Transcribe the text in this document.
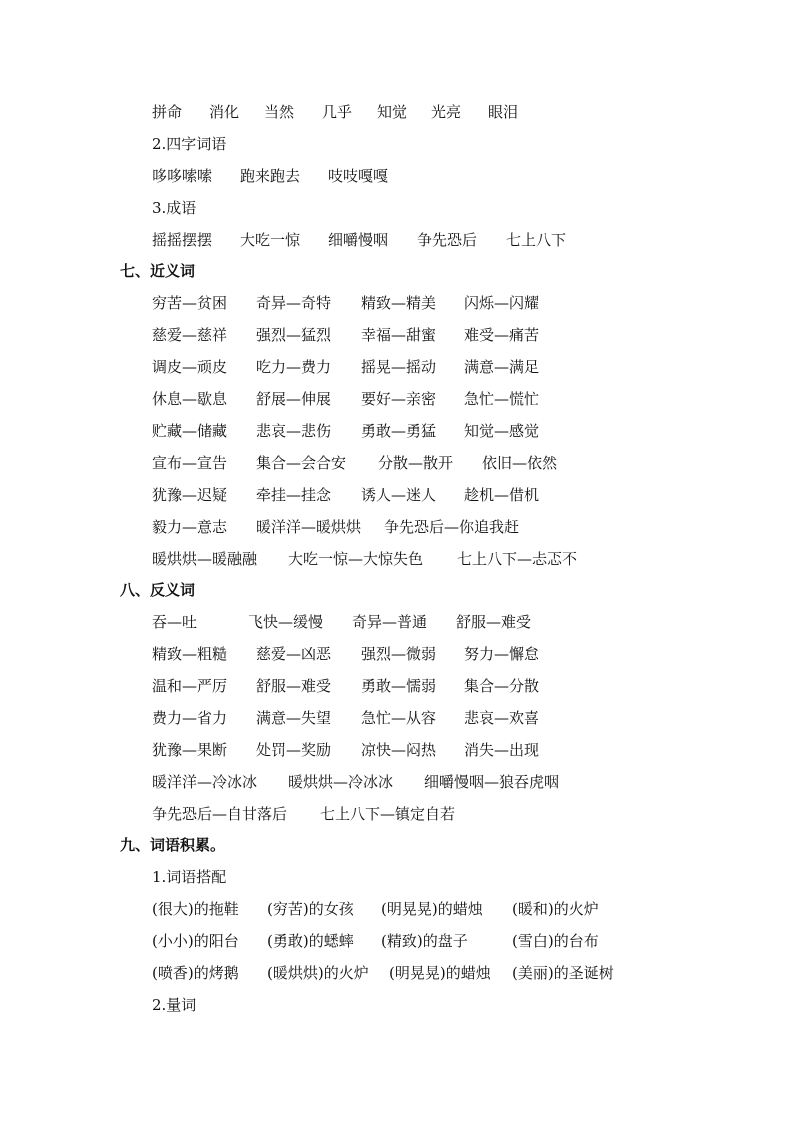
拼命 消化 当然 几乎 知觉 光亮 眼泪
2.四字词语
哆哆嗦嗦 跑来跑去 吱吱嘎嘎
3.成语
摇摇摆摆 大吃一惊 细嚼慢咽 争先恐后 七上八下
七、近义词
穷苦—贫困 奇异—奇特 精致—精美 闪烁—闪耀
慈爱—慈祥 强烈—猛烈 幸福—甜蜜 难受—痛苦
调皮—顽皮 吃力—费力 摇晃—摇动 满意—满足
休息—歇息 舒展—伸展 要好—亲密 急忙—慌忙
贮藏—储藏 悲哀—悲伤 勇敢—勇猛 知觉—感觉
宣布—宣告 集合—会合安 分散—散开 依旧—依然
犹豫—迟疑 牵挂—挂念 诱人—迷人 趁机—借机
毅力—意志 暖洋洋—暖烘烘 争先恐后—你追我赶
暖烘烘—暖融融 大吃一惊—大惊失色 七上八下—忐忑不
八、反义词
吞—吐	飞快—缓慢 奇异—普通 舒服—难受
精致—粗糙 慈爱—凶恶 强烈—微弱 努力—懈怠
温和—严厉 舒服—难受 勇敢—懦弱 集合—分散
费力—省力 满意—失望 急忙—从容 悲哀—欢喜
犹豫—果断 处罚—奖励 凉快—闷热 消失—出现
暖洋洋—冷冰冰 暖烘烘—冷冰冰 细嚼慢咽—狼吞虎咽
争先恐后—自甘落后 七上八下—镇定自若
九、词语积累。
1.词语搭配
(很大)的拖鞋 (穷苦)的女孩 (明晃晃)的蜡烛 (暖和)的火炉
(小小)的阳台 (勇敢)的蟋蟀 (精致)的盘子	(雪白)的台布
(喷香)的烤鹅 (暖烘烘)的火炉 (明晃晃)的蜡烛 (美丽)的圣诞树
2.量词
